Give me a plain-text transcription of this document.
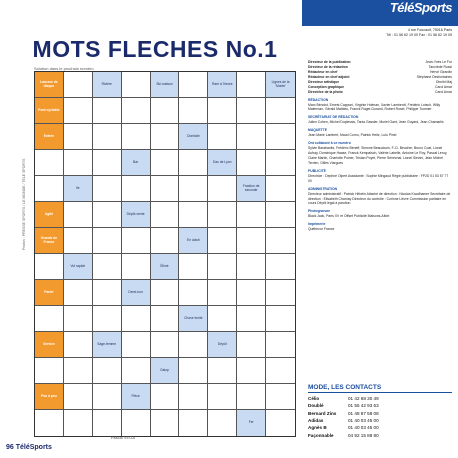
MOTS FLECHES No.1
Solution dans le prochain numéro
Photos : PRESSE SPORTS / LE MONDE / TELE SPORTS
Lanceur de disque	Rivière	Ski-maison	Rare à l'heure	Lignes de la 'Monte'
Pont cyclable
Entrée	Domicile
Bar	Eau de Lyon
Ile	Fraction de seconde
Agité	Dépôt-vente
Grande de France	En clash
Vol rapide	Élimé
Parler	Demi-tour
Chose écrite
Service	Sage-femme	Dépôt
Galop
Peu à peu	Pièce
Fer
Pascal VEGA
96 TéléSports
TéléSports
4 rue Foucault, 75016 Paris
Tél : 01 56 62 19 00 Fax : 01 56 62 19 09
Directeur de la publication	Jean-Yves Le Fur
Directeur de la rédaction	Tancrède Rossi
Rédacteur en chef	Hervé Girardin
Rédacteur en chef adjoint	Stéphane Desfontaines
Directeur artistique	Dimitri Maj
Conception graphique	Carol Amar
Directrice de la photo	Carol Amar
RÉDACTION
Marc Bénoist, Ernest Capponi, Virginie Hofman, Xavier Lamberdt, Frédéric Lotsch, Willy Malerman, Gérald Mathieu, Franck Ruget-Durand, Robert Roset, Philippe Tournier
SECRÉTARIAT DE RÉDACTION
Julien Cohen, Michel Duplessis, Tania Gassler, Muriel Gant, Jean Guyard, Jean Chamarlis
MAQUETTE
Jean Marie Lambert, Maud Cornu, Patrick Heitz, Lulu Pinel
Ont collaboré à ce numéro
Sylvie Barabanits, Frédéric Beneff, Simone Beaudouin, F.-D. Beucher, Bruno Coat, Lionel Aufray, Dominique Haase, Franck Kempalsch, Valérie Labelle, Antoine Le Roy, Pascal Leroy, Claire Martin, Charlotte Poiner, Tristan Poyet, Pierre Sénéchal, Lionel Sievini, Jean Michel Terrien, Gilles Viargues
PUBLICITÉ
Directrice : Dephné Olpert Assistante : Sophie Mingaud Régie publicitaire : FP2D 01 53 57 77 00
ADMINISTRATION
Directeur administratif : Patrick Hébéin Attaché de direction : Nicolas Kraufhamer Secrétaire de direction : Elisabeth Charnay Directeur du contrôle : Corinne Lièvre Commission paritaire en cours Dépôt légal à parution
Photogravure
Black Jack, Paris XV et Offset Publicité Maisons-Alfort
Imprimerie
Québecor France
MODE, LES CONTACTS
Célio	01 42 68 30 49
Doublé	01 55 42 93 63
Bernard Zins	01 48 87 58 08
Adidas	01 40 03 45 00
Agnès B	01 40 03 45 00
Façonnable	04 92 15 88 80
